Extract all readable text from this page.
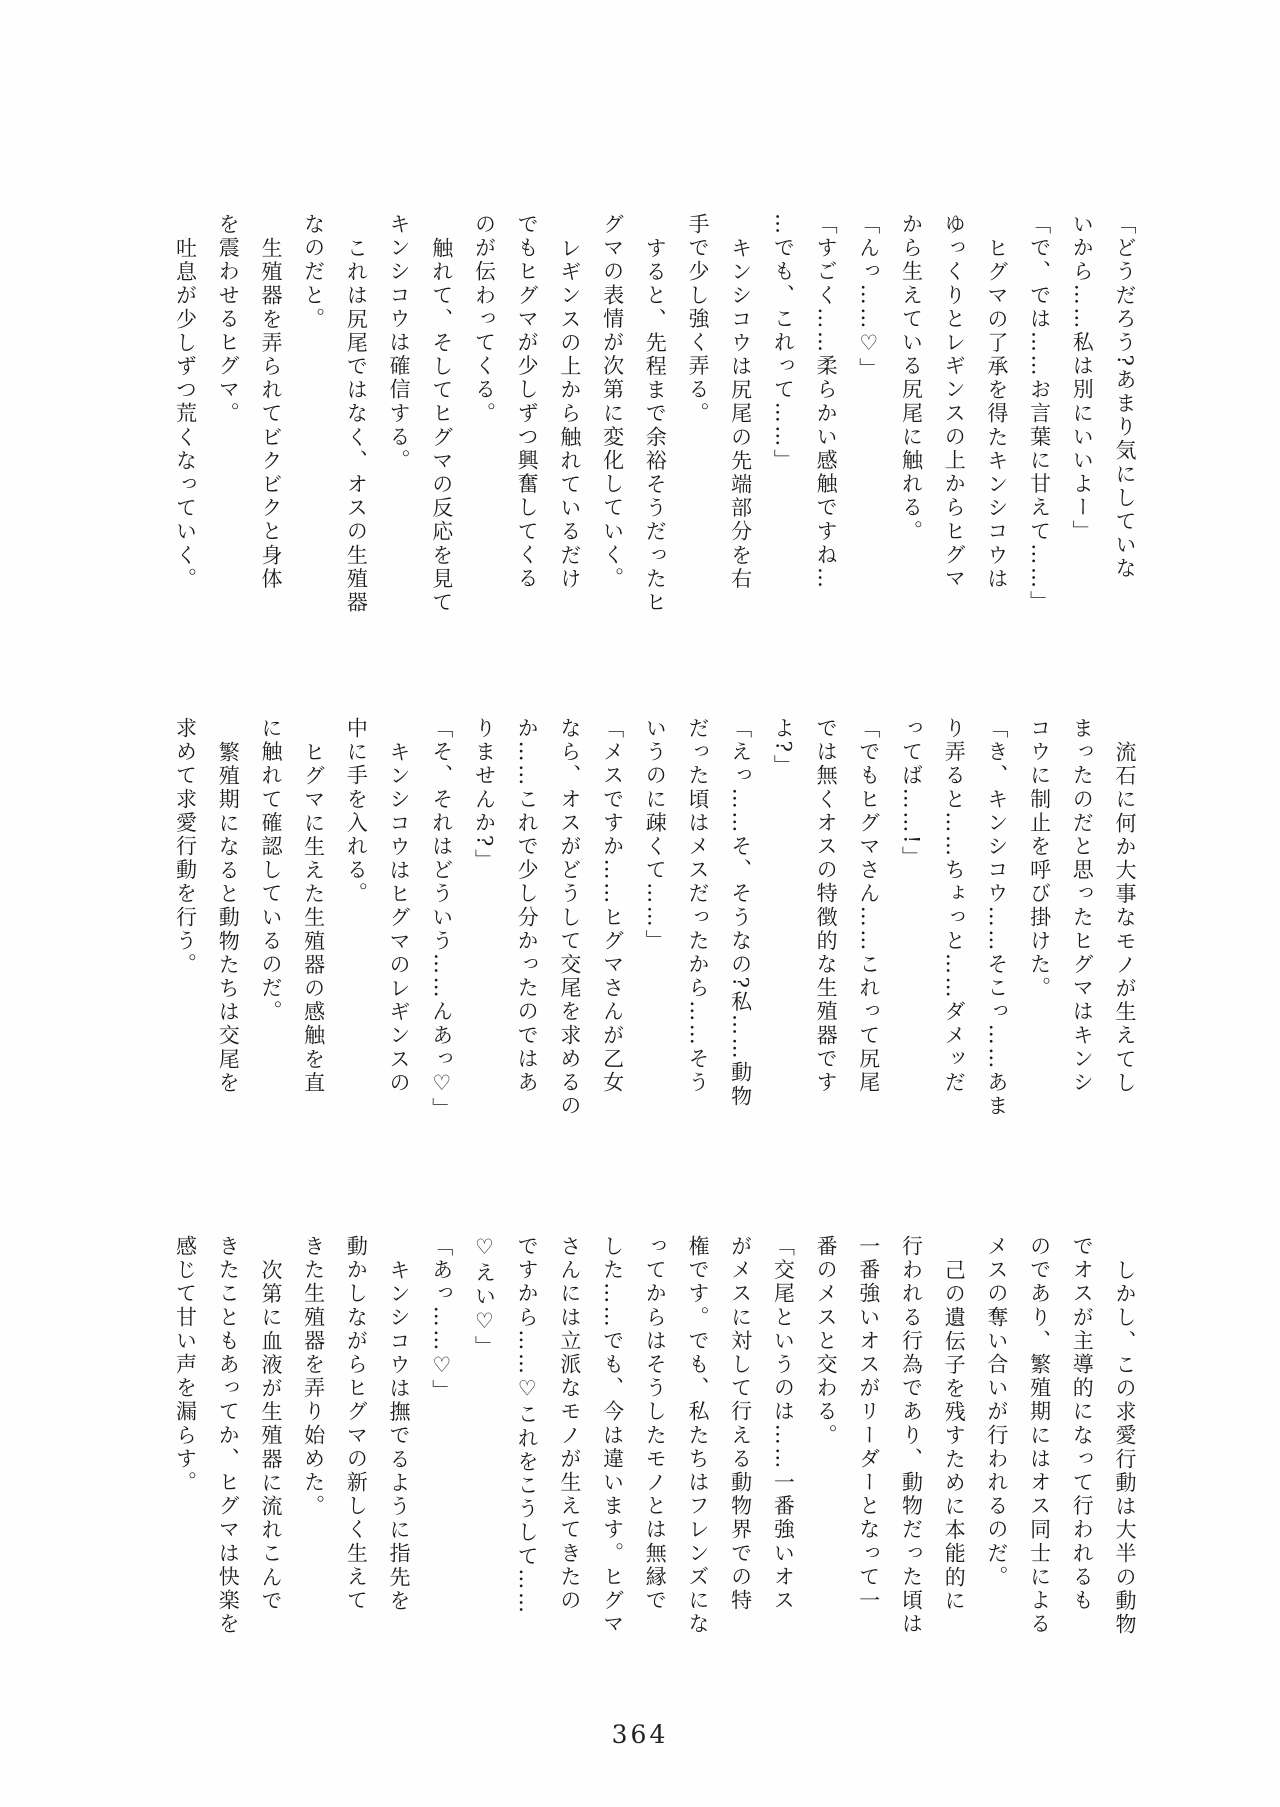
「どうだろう?あまり気にしていな

いから……私は別にいいよー」

「で、では……お言葉に甘えて……」

ヒグマの了承を得たキンシコウは

ゆっくりとレギンスの上からヒグマ

から生えている尻尾に触れる。

「んっ……♡」

「すごく……柔らかい感触ですね…

…でも、これって……」

キンシコウは尻尾の先端部分を右

手で少し強く弄る。

すると、先程まで余裕そうだったヒ

グマの表情が次第に変化していく。

レギンスの上から触れているだけ

でもヒグマが少しずつ興奮してくる

のが伝わってくる。

触れて、そしてヒグマの反応を見て

キンシコウは確信する。

これは尻尾ではなく、オスの生殖器

なのだと。

生殖器を弄られてビクビクと身体

を震わせるヒグマ。

吐息が少しずつ荒くなっていく。

流石に何か大事なモノが生えてし

まったのだと思ったヒグマはキンシ

コウに制止を呼び掛けた。

「き、キンシコウ……そこっ……あま

り弄ると……ちょっと……ダメッだ

ってば……!」

「でもヒグマさん……これって尻尾

では無くオスの特徴的な生殖器です

よ?」

「えっ……そ、そうなの?私……動物

だった頃はメスだったから……そう

いうのに疎くて……」

「メスですか……ヒグマさんが乙女

なら、オスがどうして交尾を求めるの

か……これで少し分かったのではあ

りませんか?」

「そ、それはどういう……んあっ♡」

キンシコウはヒグマのレギンスの

中に手を入れる。

ヒグマに生えた生殖器の感触を直

に触れて確認しているのだ。

繁殖期になると動物たちは交尾を

求めて求愛行動を行う。

しかし、この求愛行動は大半の動物

でオスが主導的になって行われるも

のであり、繁殖期にはオス同士による

メスの奪い合いが行われるのだ。

己の遺伝子を残すために本能的に

行われる行為であり、動物だった頃は

一番強いオスがリーダーとなって一

番のメスと交わる。

「交尾というのは……一番強いオス

がメスに対して行える動物界での特

権です。でも、私たちはフレンズにな

ってからはそうしたモノとは無縁で

した……でも、今は違います。ヒグマ

さんには立派なモノが生えてきたの

ですから……♡これをこうして……

♡えい♡」

「あっ……♡」

キンシコウは撫でるように指先を

動かしながらヒグマの新しく生えて

きた生殖器を弄り始めた。

次第に血液が生殖器に流れこんで

きたこともあってか、ヒグマは快楽を

感じて甘い声を漏らす。

364
